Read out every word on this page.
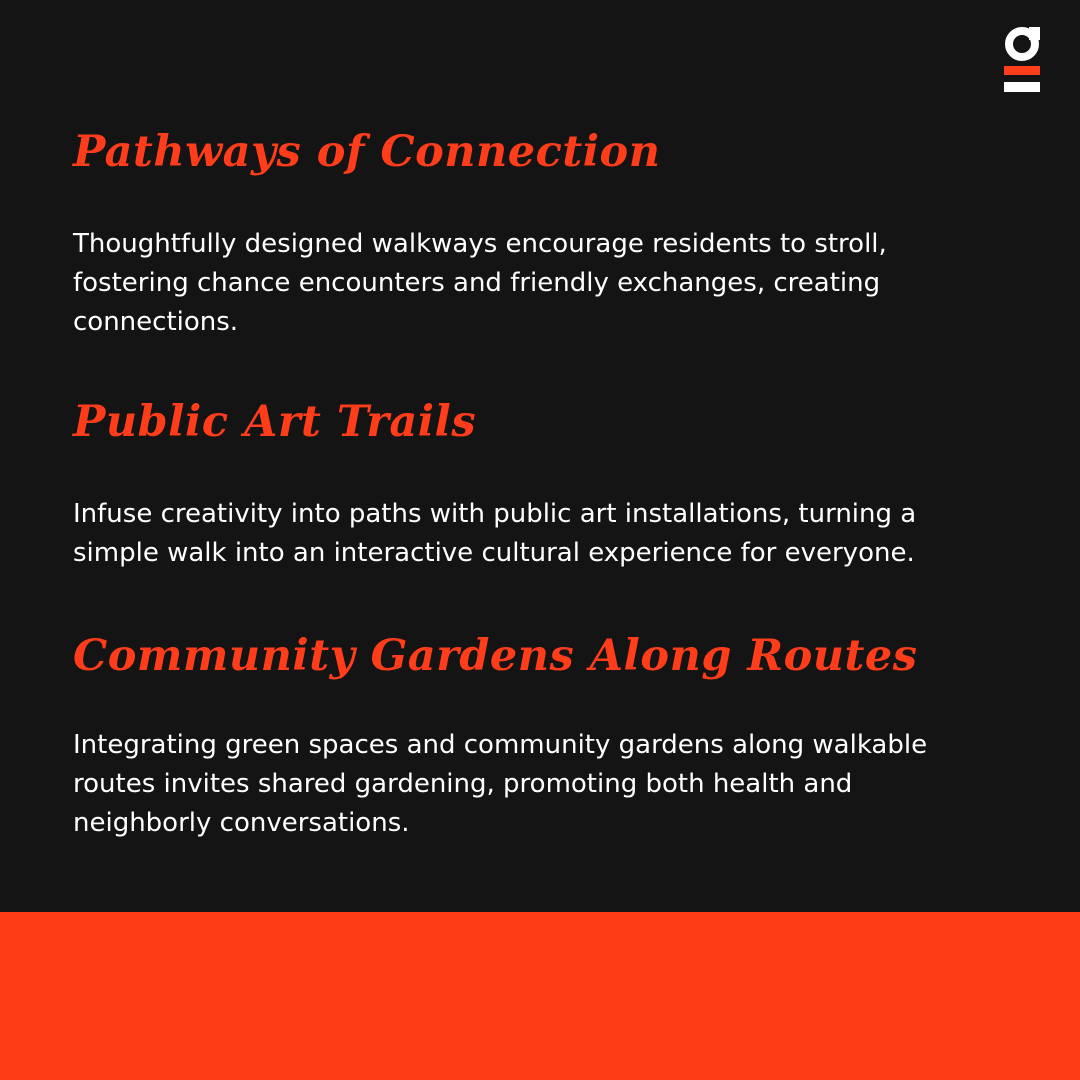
Pathways of Connection

Thoughtfully designed walkways encourage residents to stroll, fostering chance encounters and friendly exchanges, creating connections.

Public Art Trails

Infuse creativity into paths with public art installations, turning a simple walk into an interactive cultural experience for everyone.

Community Gardens Along Routes

Integrating green spaces and community gardens along walkable routes invites shared gardening, promoting both health and neighborly conversations.
